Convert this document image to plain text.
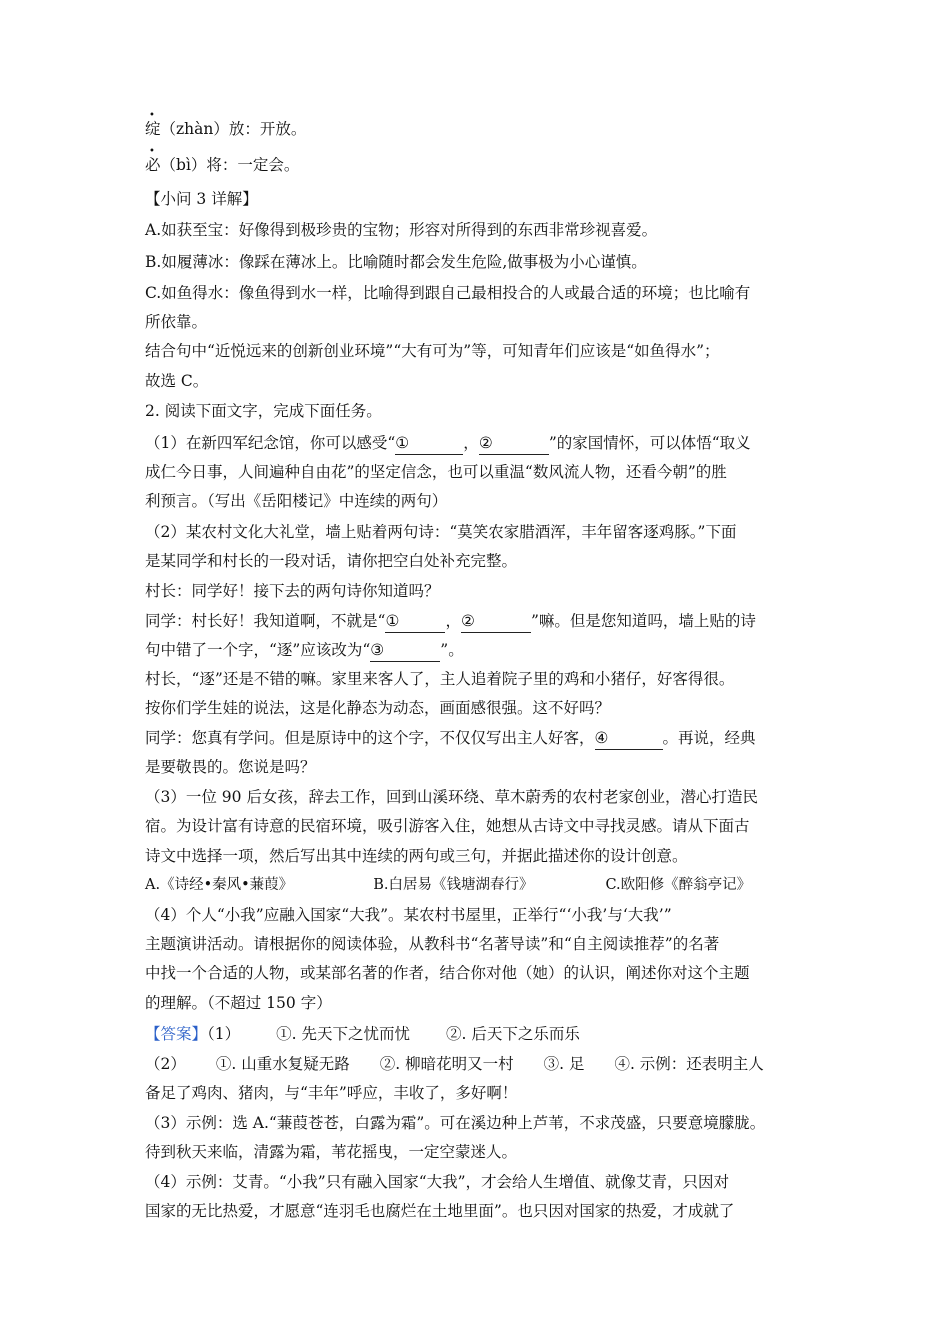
绽（zhàn）放：开放。
必（bì）将：一定会。
【小问 3 详解】
A.如获至宝：好像得到极珍贵的宝物；形容对所得到的东西非常珍视喜爱。
B.如履薄冰：像踩在薄冰上。比喻随时都会发生危险,做事极为小心谨慎。
C.如鱼得水：像鱼得到水一样，比喻得到跟自己最相投合的人或最合适的环境；也比喻有
所依靠。
结合句中“近悦远来的创新创业环境”“大有可为”等，可知青年们应该是“如鱼得水”；
故选 C。
2. 阅读下面文字，完成下面任务。
（1）在新四军纪念馆，你可以感受“①	，②	”的家国情怀，可以体悟“取义
成仁今日事，人间遍种自由花”的坚定信念，也可以重温“数风流人物，还看今朝”的胜
利预言。（写出《岳阳楼记》中连续的两句）
（2）某农村文化大礼堂，墙上贴着两句诗：“莫笑农家腊酒浑，丰年留客逐鸡豚。”下面
是某同学和村长的一段对话，请你把空白处补充完整。
村长：同学好！接下去的两句诗你知道吗？
同学：村长好！我知道啊，不就是“①	，②	”嘛。但是您知道吗，墙上贴的诗
句中错了一个字，“逐”应该改为“③	”。
村长，“逐”还是不错的嘛。家里来客人了，主人追着院子里的鸡和小猪仔，好客得很。
按你们学生娃的说法，这是化静态为动态，画面感很强。这不好吗？
同学：您真有学问。但是原诗中的这个字，不仅仅写出主人好客，④	。再说，经典
是要敬畏的。您说是吗？
（3）一位 90 后女孩，辞去工作，回到山溪环绕、草木蔚秀的农村老家创业，潜心打造民
宿。为设计富有诗意的民宿环境，吸引游客入住，她想从古诗文中寻找灵感。请从下面古
诗文中选择一项，然后写出其中连续的两句或三句，并据此描述你的设计创意。
A.《诗经•秦风•蒹葭》	B.白居易《钱塘湖春行》	C.欧阳修《醉翁亭记》
（4）个人“小我”应融入国家“大我”。某农村书屋里，正举行“‘小我’与‘大我’”
主题演讲活动。请根据你的阅读体验，从教科书“名著导读”和“自主阅读推荐”的名著
中找一个合适的人物，或某部名著的作者，结合你对他（她）的认识，阐述你对这个主题
的理解。（不超过 150 字）
【答案】（1） ①. 先天下之忧而忧 ②. 后天下之乐而乐
（2） ①. 山重水复疑无路 ②. 柳暗花明又一村 ③. 足 ④. 示例：还表明主人
备足了鸡肉、猪肉，与“丰年”呼应，丰收了，多好啊！
（3）示例：选 A.“蒹葭苍苍，白露为霜”。可在溪边种上芦苇，不求茂盛，只要意境朦胧。
待到秋天来临，清露为霜，苇花摇曳，一定空蒙迷人。
（4）示例：艾青。“小我”只有融入国家“大我”，才会给人生增值、就像艾青，只因对
国家的无比热爱，才愿意“连羽毛也腐烂在土地里面”。也只因对国家的热爱，才成就了
